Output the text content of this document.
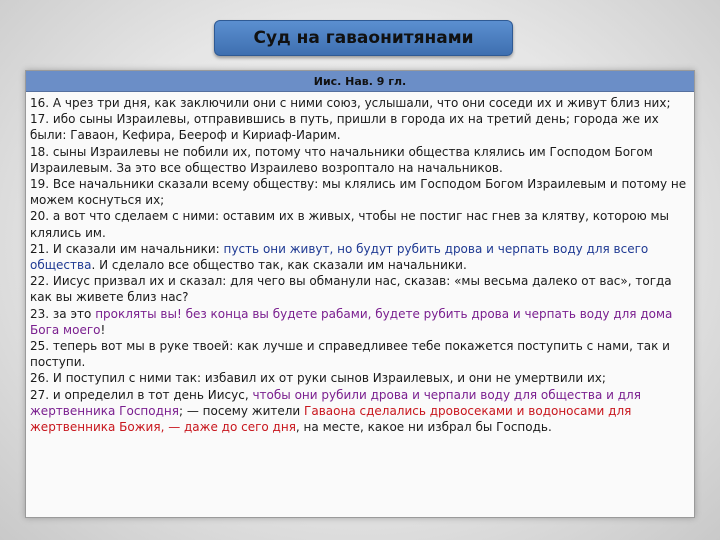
Суд на гаваонитянами
Иис. Нав. 9 гл.

16. А чрез три дня, как заключили они с ними союз, услышали, что они соседи их и живут близ них;

17. ибо сыны Израилевы, отправившись в путь, пришли в города их на третий день; города же их были: Гаваон, Кефира, Беероф и Кириаф-Иарим.

18. сыны Израилевы не побили их, потому что начальники общества клялись им Господом Богом Израилевым. За это все общество Израилево возроптало на начальников.

19. Все начальники сказали всему обществу: мы клялись им Господом Богом Израилевым и потому не можем коснуться их;

20. а вот что сделаем с ними: оставим их в живых, чтобы не постиг нас гнев за клятву, которою мы клялись им.

21. И сказали им начальники: пусть они живут, но будут рубить дрова и черпать воду для всего общества. И сделало все общество так, как сказали им начальники.

22. Иисус призвал их и сказал: для чего вы обманули нас, сказав: «мы весьма далеко от вас», тогда как вы живете близ нас?

23. за это прокляты вы! без конца вы будете рабами, будете рубить дрова и черпать воду для дома Бога моего!

25. теперь вот мы в руке твоей: как лучше и справедливее тебе покажется поступить с нами, так и поступи.

26. И поступил с ними так: избавил их от руки сынов Израилевых, и они не умертвили их;

27. и определил в тот день Иисус, чтобы они рубили дрова и черпали воду для общества и для жертвенника Господня; — посему жители Гаваона сделались дровосеками и водоносами для жертвенника Божия, — даже до сего дня, на месте, какое ни избрал бы Господь.
